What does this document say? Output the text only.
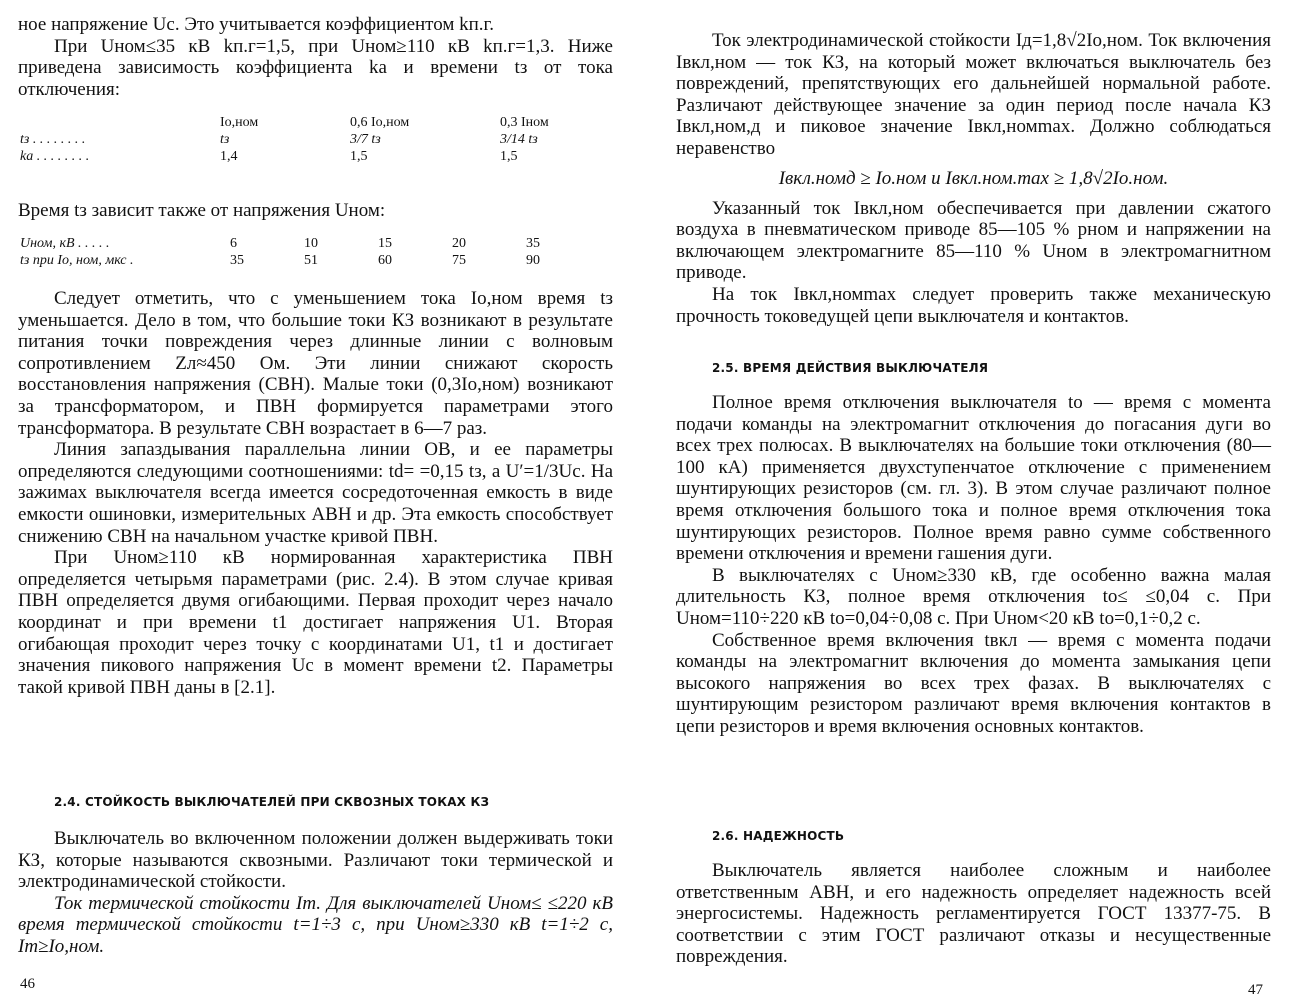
ное напряжение Uс. Это учитывается коэффициентом kп.г.

При Uном≤35 кВ kп.г=1,5, при Uном≥110 кВ kп.г=1,3. Ниже приведена зависимость коэффициента kа и времени tз от тока отключения:

	Iо,ном	0,6 Iо,ном	0,3 Iном
tз . . . . . . . .	tз	3/7 tз	3/14 tз
kа . . . . . . . .	1,4	1,5	1,5

Время tз зависит также от напряжения Uном:

Uном, кВ . . . . .	6	10	15	20	35
tз при Iо, ном, мкс .	35	51	60	75	90

Следует отметить, что с уменьшением тока Iо,ном время tз уменьшается. Дело в том, что большие токи КЗ возникают в результате питания точки повреждения через длинные линии с волновым сопротивлением Zл≈450 Ом. Эти линии снижают скорость восстановления напряжения (СВН). Малые токи (0,3Iо,ном) возникают за трансформатором, и ПВН формируется параметрами этого трансформатора. В результате СВН возрастает в 6—7 раз.

Линия запаздывания параллельна линии OB, и ее параметры определяются следующими соотношениями: td= =0,15 tз, а U′=1/3Uс. На зажимах выключателя всегда имеется сосредоточенная емкость в виде емкости ошиновки, измерительных АВН и др. Эта емкость способствует снижению СВН на начальном участке кривой ПВН.

При Uном≥110 кВ нормированная характеристика ПВН определяется четырьмя параметрами (рис. 2.4). В этом случае кривая ПВН определяется двумя огибающими. Первая проходит через начало координат и при времени t1 достигает напряжения U1. Вторая огибающая проходит через точку с координатами U1, t1 и достигает значения пикового напряжения Uс в момент времени t2. Параметры такой кривой ПВН даны в [2.1].

2.4. СТОЙКОСТЬ ВЫКЛЮЧАТЕЛЕЙ ПРИ СКВОЗНЫХ ТОКАХ КЗ

Выключатель во включенном положении должен выдерживать токи КЗ, которые называются сквозными. Различают токи термической и электродинамической стойкости.

Ток термической стойкости Iт. Для выключателей Uном≤ ≤220 кВ время термической стойкости t=1÷3 с, при Uном≥330 кВ t=1÷2 с, Iт≥Iо,ном.

46

Ток электродинамической стойкости Iд=1,8√2Iо,ном. Ток включения Iвкл,ном — ток КЗ, на который может включаться выключатель без повреждений, препятствующих его дальнейшей нормальной работе. Различают действующее значение за один период после начала КЗ Iвкл,ном,д и пиковое значение Iвкл,номmax. Должно соблюдаться неравенство

Iвкл.номд ≥ Iо.ном и Iвкл.ном.max ≥ 1,8√2Iо.ном.

Указанный ток Iвкл,ном обеспечивается при давлении сжатого воздуха в пневматическом приводе 85—105 % pном и напряжении на включающем электромагните 85—110 % Uном в электромагнитном приводе.

На ток Iвкл,номmax следует проверить также механическую прочность токоведущей цепи выключателя и контактов.

2.5. ВРЕМЯ ДЕЙСТВИЯ ВЫКЛЮЧАТЕЛЯ

Полное время отключения выключателя tо — время с момента подачи команды на электромагнит отключения до погасания дуги во всех трех полюсах. В выключателях на большие токи отключения (80—100 кА) применяется двухступенчатое отключение с применением шунтирующих резисторов (см. гл. 3). В этом случае различают полное время отключения большого тока и полное время отключения тока шунтирующих резисторов. Полное время равно сумме собственного времени отключения и времени гашения дуги.

В выключателях с Uном≥330 кВ, где особенно важна малая длительность КЗ, полное время отключения tо≤ ≤0,04 с. При Uном=110÷220 кВ tо=0,04÷0,08 с. При Uном<20 кВ tо=0,1÷0,2 с.

Собственное время включения tвкл — время с момента подачи команды на электромагнит включения до момента замыкания цепи высокого напряжения во всех трех фазах. В выключателях с шунтирующим резистором различают время включения контактов в цепи резисторов и время включения основных контактов.

2.6. НАДЕЖНОСТЬ

Выключатель является наиболее сложным и наиболее ответственным АВН, и его надежность определяет надежность всей энергосистемы. Надежность регламентируется ГОСТ 13377-75. В соответствии с этим ГОСТ различают отказы и несущественные повреждения.

47
